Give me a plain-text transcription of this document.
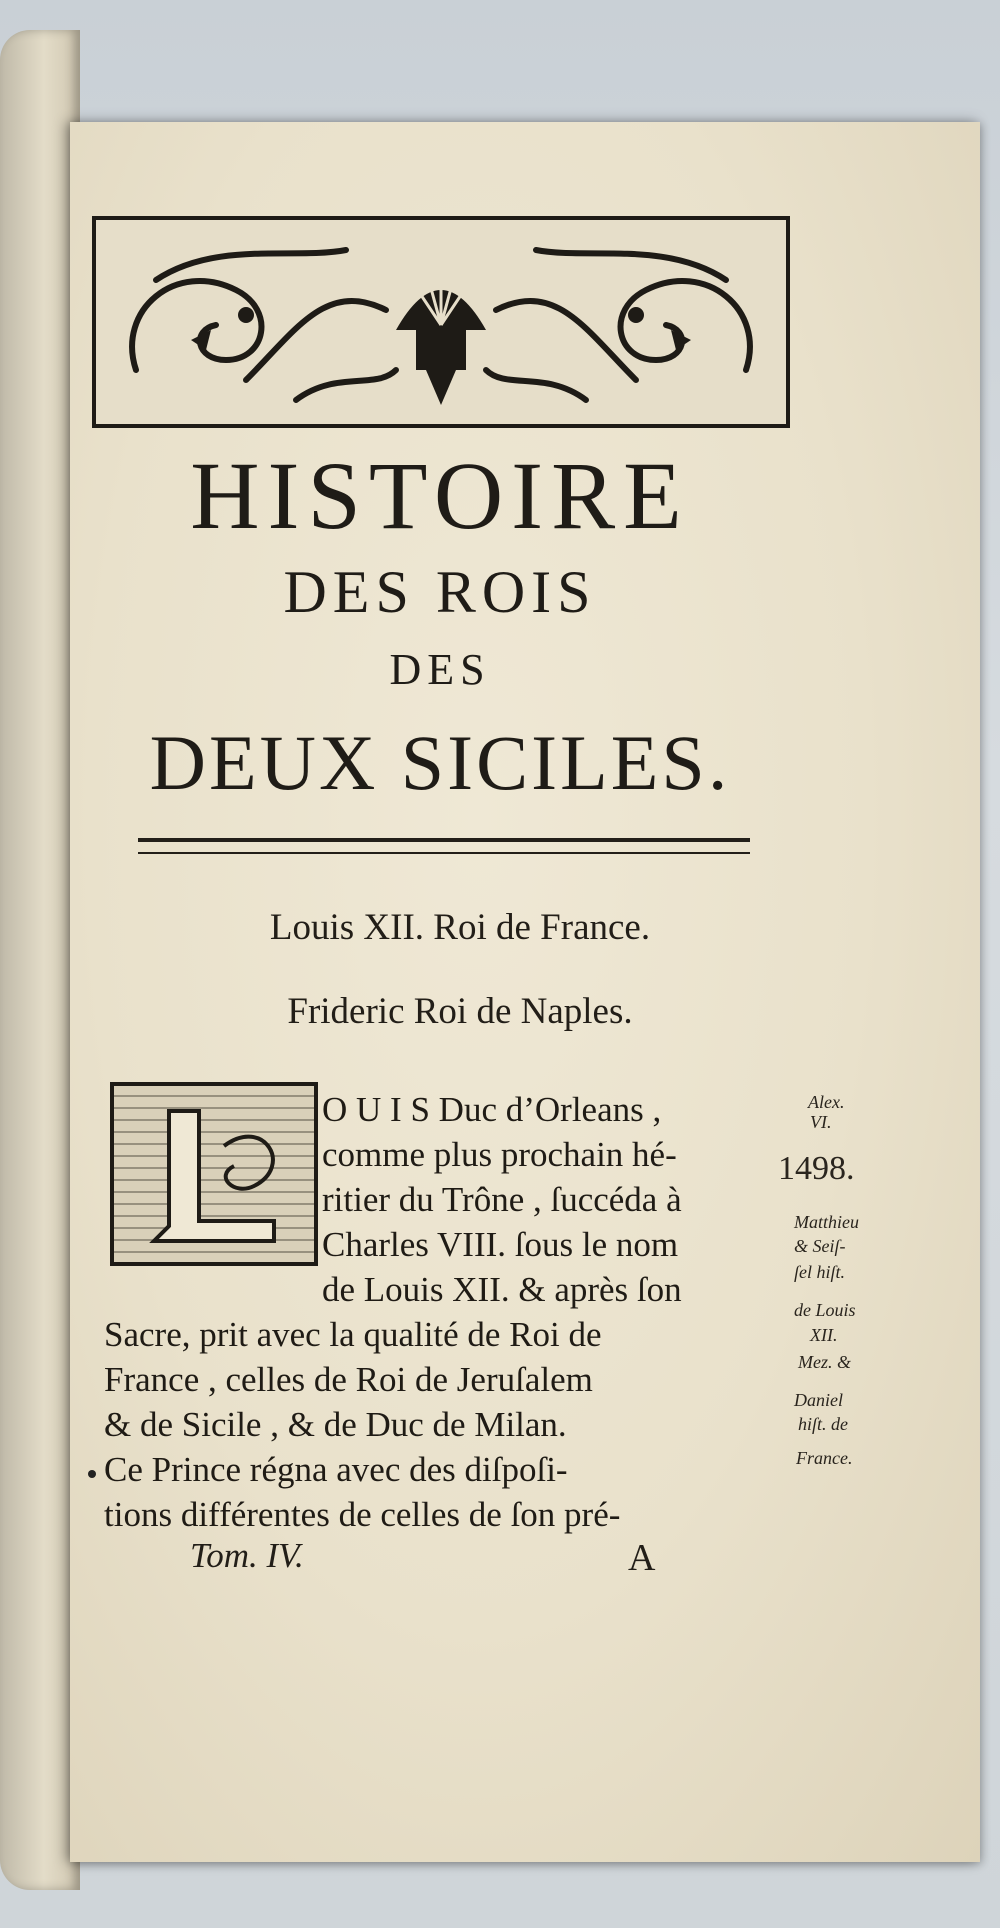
HISTOIRE
DES ROIS
DES
DEUX SICILES.
Louis XII. Roi de France.
Frideric Roi de Naples.
O U I S Duc d’Orleans ,
comme plus prochain hé-
ritier du Trône , ſuccéda à
Charles VIII. ſous le nom
de Louis XII. & après ſon
Sacre, prit avec la qualité de Roi de
France , celles de Roi de Jeruſalem
& de Sicile , & de Duc de Milan.
Ce Prince régna avec des diſpoſi-
tions différentes de celles de ſon pré-
Alex.
VI.
1498.
Matthieu
& Seiſ-
ſel hiſt.
de Louis
XII.
Mez. &
Daniel
hiſt. de
France.
Tom. IV.	A
